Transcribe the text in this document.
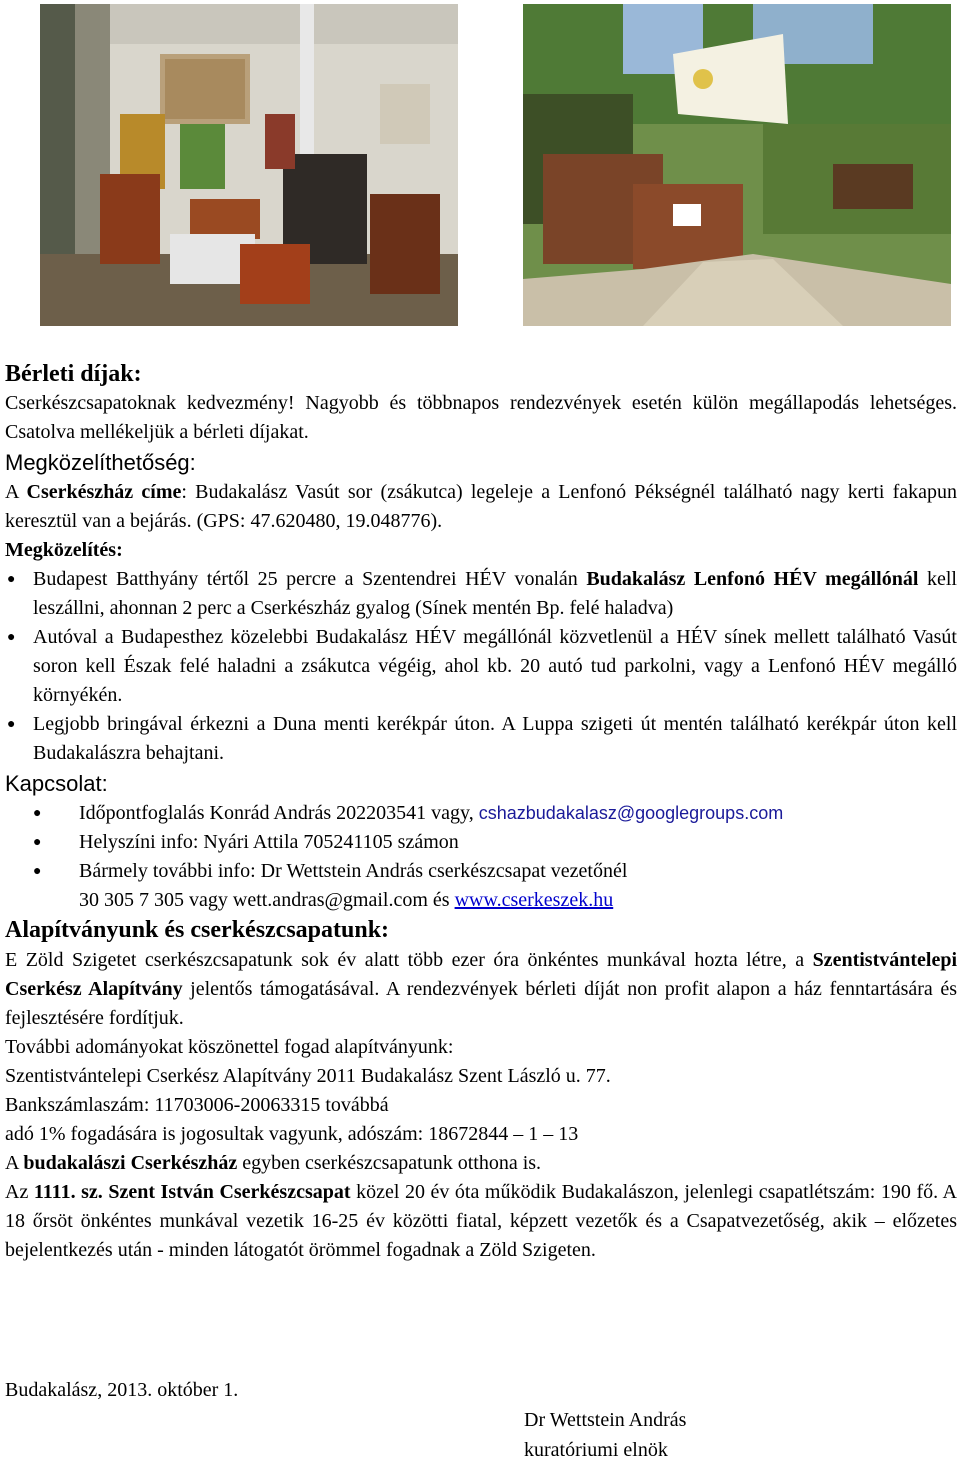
Bérleti díjak:

Cserkészcsapatoknak kedvezmény! Nagyobb és többnapos rendezvények esetén külön megállapodás lehetséges. Csatolva mellékeljük a bérleti díjakat.

Megközelíthetőség:

A Cserkészház címe: Budakalász Vasút sor (zsákutca) legeleje a Lenfonó Pékségnél található nagy kerti fakapun keresztül van a bejárás. (GPS: 47.620480, 19.048776).

Megközelítés:

● Budapest Batthyány tértől 25 percre a Szentendrei HÉV vonalán Budakalász Lenfonó HÉV megállónál kell leszállni, ahonnan 2 perc a Cserkészház gyalog (Sínek mentén Bp. felé haladva)
● Autóval a Budapesthez közelebbi Budakalász HÉV megállónál közvetlenül a HÉV sínek mellett található Vasút soron kell Észak felé haladni a zsákutca végéig, ahol kb. 20 autó tud parkolni, vagy a Lenfonó HÉV megálló környékén.
● Legjobb bringával érkezni a Duna menti kerékpár úton. A Luppa szigeti út mentén található kerékpár úton kell Budakalászra behajtani.

Kapcsolat:

● Időpontfoglalás Konrád András 202203541 vagy, cshazbudakalasz@googlegroups.com
● Helyszíni info: Nyári Attila 705241105 számon
● Bármely további info: Dr Wettstein András cserkészcsapat vezetőnél
30 305 7 305 vagy wett.andras@gmail.com és www.cserkeszek.hu

Alapítványunk és cserkészcsapatunk:

E Zöld Szigetet cserkészcsapatunk sok év alatt több ezer óra önkéntes munkával hozta létre, a Szentistvántelepi Cserkész Alapítvány jelentős támogatásával. A rendezvények bérleti díját non profit alapon a ház fenntartására és fejlesztésére fordítjuk.

További adományokat köszönettel fogad alapítványunk:

Szentistvántelepi Cserkész Alapítvány 2011 Budakalász Szent László u. 77.

Bankszámlaszám: 11703006-20063315 továbbá

adó 1% fogadására is jogosultak vagyunk, adószám: 18672844 – 1 – 13

A budakalászi Cserkészház egyben cserkészcsapatunk otthona is.

Az 1111. sz. Szent István Cserkészcsapat közel 20 év óta működik Budakalászon, jelenlegi csapatlétszám: 190 fő. A 18 őrsöt önkéntes munkával vezetik 16-25 év közötti fiatal, képzett vezetők és a Csapatvezetőség, akik – előzetes bejelentkezés után - minden látogatót örömmel fogadnak a Zöld Szigeten.

Budakalász, 2013. október 1.
Dr Wettstein András
kuratóriumi elnök
